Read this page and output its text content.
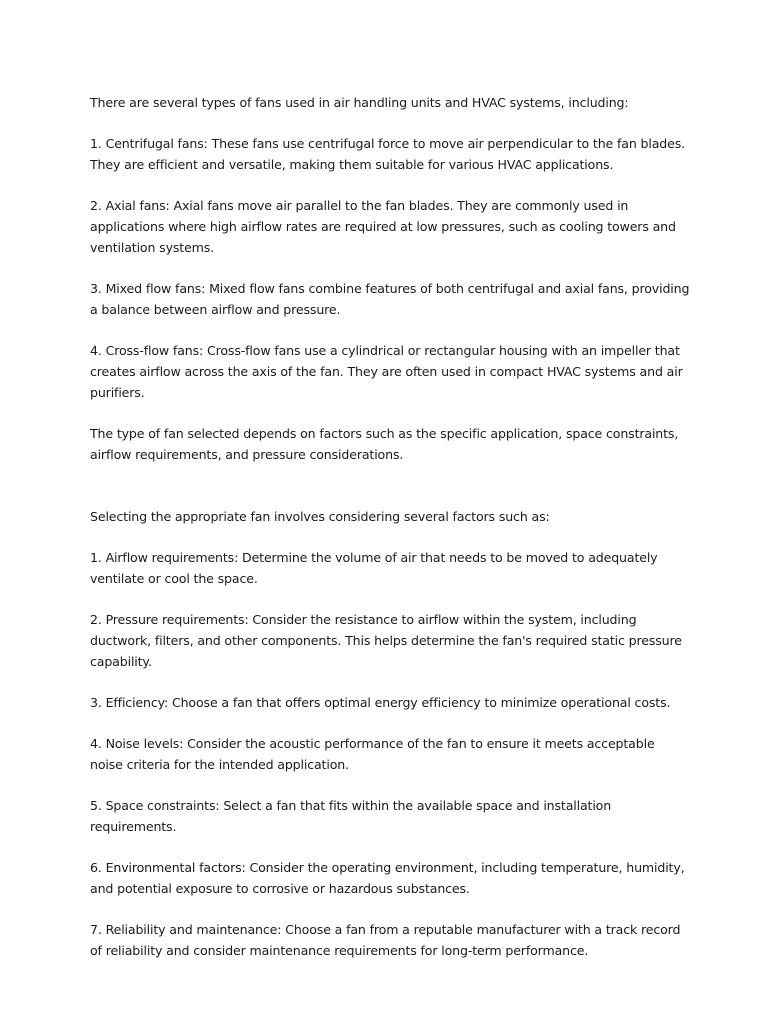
There are several types of fans used in air handling units and HVAC systems, including:

1. Centrifugal fans: These fans use centrifugal force to move air perpendicular to the fan blades. They are efficient and versatile, making them suitable for various HVAC applications.

2. Axial fans: Axial fans move air parallel to the fan blades. They are commonly used in applications where high airflow rates are required at low pressures, such as cooling towers and ventilation systems.

3. Mixed flow fans: Mixed flow fans combine features of both centrifugal and axial fans, providing a balance between airflow and pressure.

4. Cross-flow fans: Cross-flow fans use a cylindrical or rectangular housing with an impeller that creates airflow across the axis of the fan. They are often used in compact HVAC systems and air purifiers.

The type of fan selected depends on factors such as the specific application, space constraints, airflow requirements, and pressure considerations.

Selecting the appropriate fan involves considering several factors such as:

1. Airflow requirements: Determine the volume of air that needs to be moved to adequately ventilate or cool the space.

2. Pressure requirements: Consider the resistance to airflow within the system, including ductwork, filters, and other components. This helps determine the fan's required static pressure capability.

3. Efficiency: Choose a fan that offers optimal energy efficiency to minimize operational costs.

4. Noise levels: Consider the acoustic performance of the fan to ensure it meets acceptable noise criteria for the intended application.

5. Space constraints: Select a fan that fits within the available space and installation requirements.

6. Environmental factors: Consider the operating environment, including temperature, humidity, and potential exposure to corrosive or hazardous substances.

7. Reliability and maintenance: Choose a fan from a reputable manufacturer with a track record of reliability and consider maintenance requirements for long-term performance.
